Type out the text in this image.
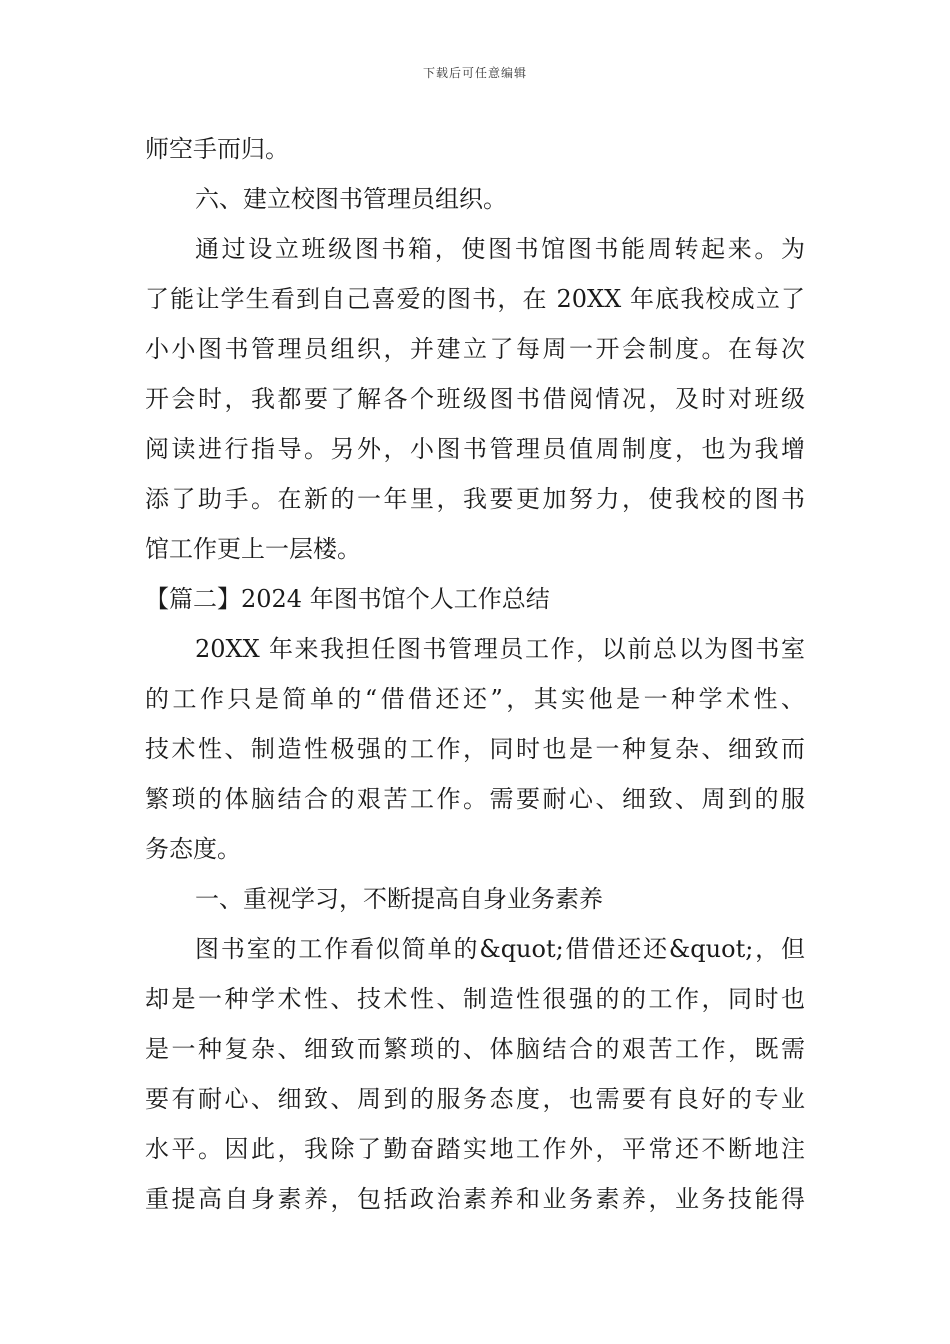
下载后可任意编辑
师空手而归。
六、建立校图书管理员组织。
通过设立班级图书箱，使图书馆图书能周转起来。为
了能让学生看到自己喜爱的图书，在 20XX 年底我校成立了
小小图书管理员组织，并建立了每周一开会制度。在每次
开会时，我都要了解各个班级图书借阅情况，及时对班级
阅读进行指导。另外，小图书管理员值周制度，也为我增
添了助手。在新的一年里，我要更加努力，使我校的图书
馆工作更上一层楼。
【篇二】2024 年图书馆个人工作总结
20XX 年来我担任图书管理员工作，以前总以为图书室
的工作只是简单的“借借还还”，其实他是一种学术性、
技术性、制造性极强的工作，同时也是一种复杂、细致而
繁琐的体脑结合的艰苦工作。需要耐心、细致、周到的服
务态度。
一、重视学习，不断提高自身业务素养
图书室的工作看似简单的&quot;借借还还&quot;，但
却是一种学术性、技术性、制造性很强的的工作，同时也
是一种复杂、细致而繁琐的、体脑结合的艰苦工作，既需
要有耐心、细致、周到的服务态度，也需要有良好的专业
水平。因此，我除了勤奋踏实地工作外，平常还不断地注
重提高自身素养，包括政治素养和业务素养，业务技能得
